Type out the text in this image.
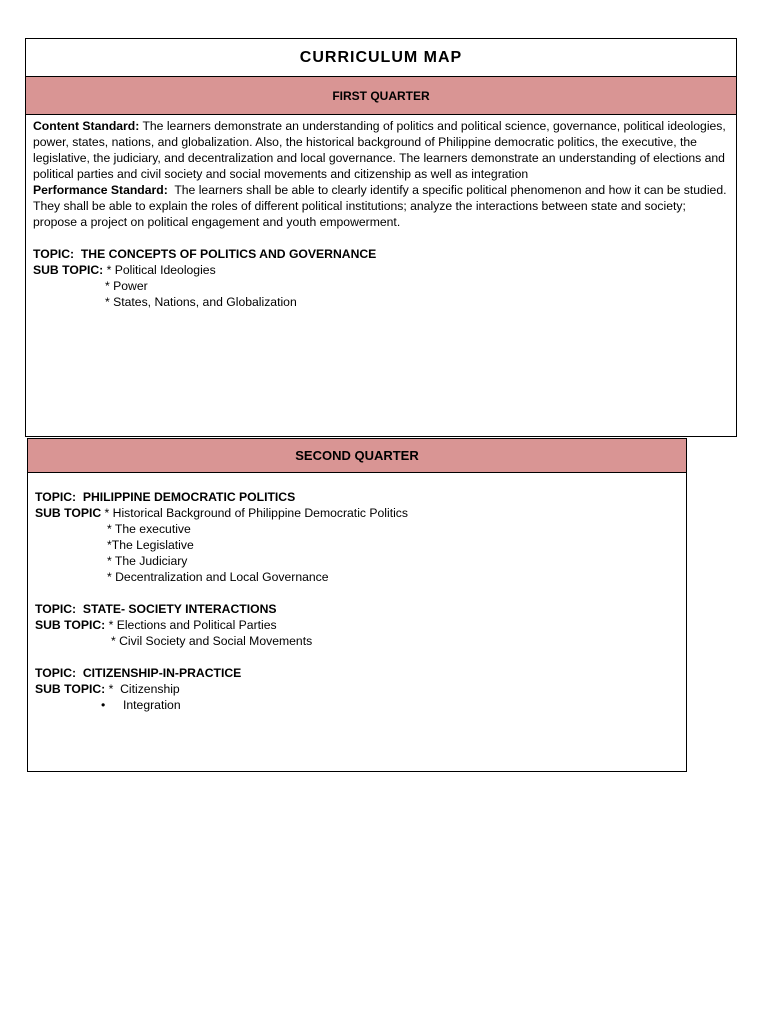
CURRICULUM MAP
FIRST QUARTER

Content Standard: The learners demonstrate an understanding of politics and political science, governance, political ideologies, power, states, nations, and globalization. Also, the historical background of Philippine democratic politics, the executive, the legislative, the judiciary, and decentralization and local governance. The learners demonstrate an understanding of elections and political parties and civil society and social movements and citizenship as well as integration

Performance Standard:  The learners shall be able to clearly identify a specific political phenomenon and how it can be studied. They shall be able to explain the roles of different political institutions; analyze the interactions between state and society; propose a project on political engagement and youth empowerment.

TOPIC:  THE CONCEPTS OF POLITICS AND GOVERNANCE

SUB TOPIC: * Political Ideologies

* Power

* States, Nations, and Globalization

SECOND QUARTER
TOPIC:  PHILIPPINE DEMOCRATIC POLITICS
SUB TOPIC * Historical Background of Philippine Democratic Politics
* The executive
*The Legislative
* The Judiciary
* Decentralization and Local Governance
TOPIC:  STATE- SOCIETY INTERACTIONS
SUB TOPIC: * Elections and Political Parties
* Civil Society and Social Movements
TOPIC:  CITIZENSHIP-IN-PRACTICE
SUB TOPIC: *  Citizenship
• Integration
